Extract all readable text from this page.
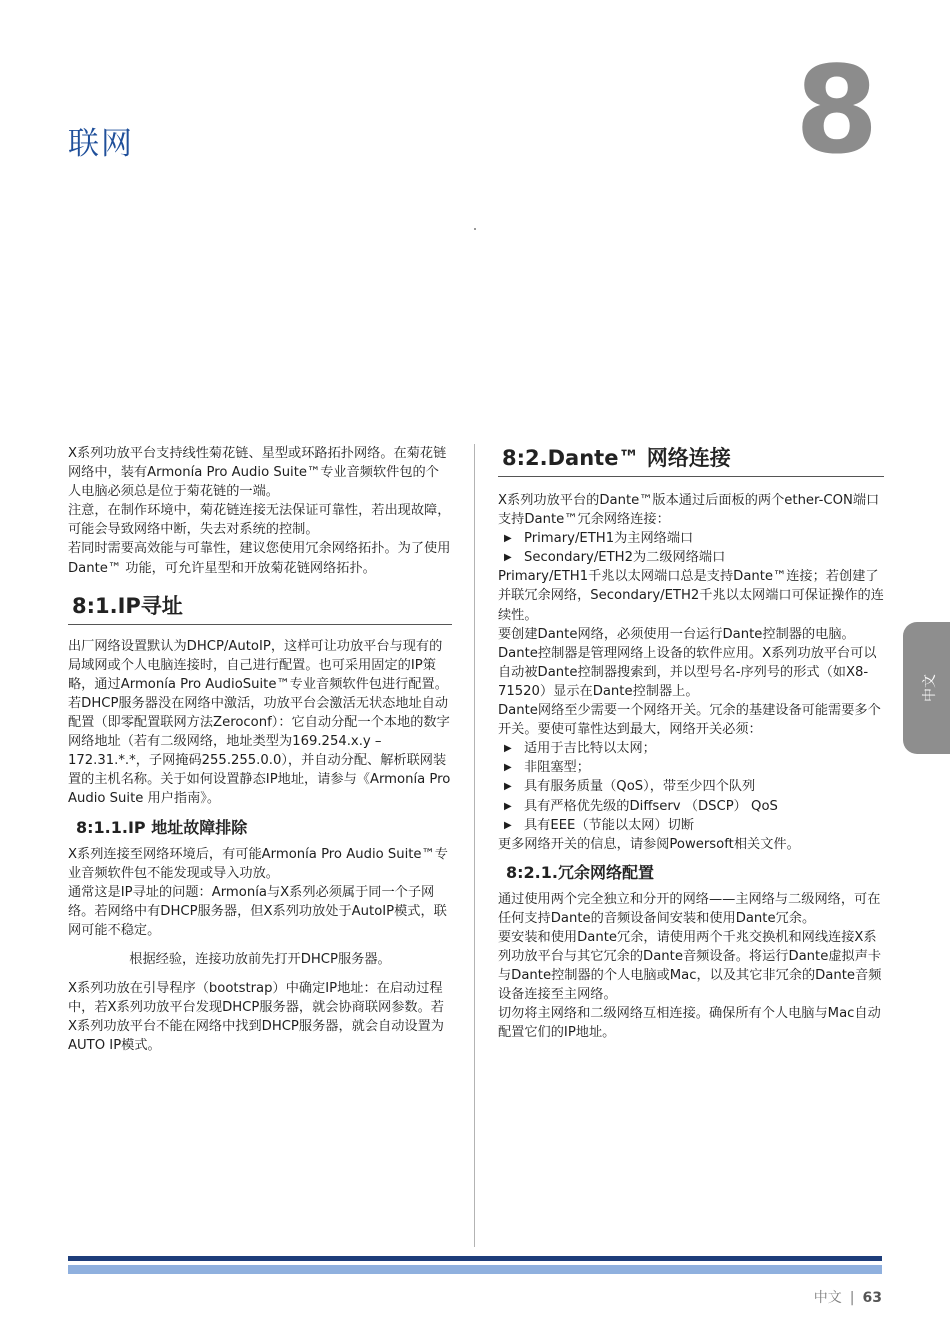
联网	8

X系列功放平台支持线性菊花链、星型或环路拓扑网络。在菊花链网络中，装有Armonía Pro Audio Suite™专业音频软件包的个人电脑必须总是位于菊花链的一端。

注意，在制作环境中，菊花链连接无法保证可靠性，若出现故障，可能会导致网络中断，失去对系统的控制。

若同时需要高效能与可靠性，建议您使用冗余网络拓扑。为了使用Dante™ 功能，可允许星型和开放菊花链网络拓扑。

8:1.IP寻址

出厂网络设置默认为DHCP/AutoIP，这样可让功放平台与现有的局域网或个人电脑连接时，自己进行配置。也可采用固定的IP策略，通过Armonía Pro AudioSuite™专业音频软件包进行配置。

若DHCP服务器没在网络中激活，功放平台会激活无状态地址自动配置（即零配置联网方法Zeroconf）：它自动分配一个本地的数字网络地址（若有二级网络，地址类型为169.254.x.y – 172.31.*.*，子网掩码255.255.0.0），并自动分配、解析联网装置的主机名称。关于如何设置静态IP地址，请参与《Armonía Pro Audio Suite 用户指南》。

8:1.1.IP 地址故障排除

X系列连接至网络环境后，有可能Armonía Pro Audio Suite™专业音频软件包不能发现或导入功放。

通常这是IP寻址的问题：Armonía与X系列必须属于同一个子网络。若网络中有DHCP服务器，但X系列功放处于AutoIP模式，联网可能不稳定。

根据经验，连接功放前先打开DHCP服务器。

X系列功放在引导程序（bootstrap）中确定IP地址：在启动过程中，若X系列功放平台发现DHCP服务器，就会协商联网参数。若X系列功放平台不能在网络中找到DHCP服务器，就会自动设置为AUTO IP模式。

8:2.Dante™ 网络连接

X系列功放平台的Dante™版本通过后面板的两个ether-CON端口支持Dante™冗余网络连接：

▶ Primary/ETH1为主网络端口
▶ Secondary/ETH2为二级网络端口

Primary/ETH1千兆以太网端口总是支持Dante™连接；若创建了并联冗余网络，Secondary/ETH2千兆以太网端口可保证操作的连续性。

要创建Dante网络，必须使用一台运行Dante控制器的电脑。Dante控制器是管理网络上设备的软件应用。X系列功放平台可以自动被Dante控制器搜索到，并以型号名-序列号的形式（如X8-71520）显示在Dante控制器上。

Dante网络至少需要一个网络开关。冗余的基建设备可能需要多个开关。要使可靠性达到最大，网络开关必须：

▶ 适用于吉比特以太网；
▶ 非阻塞型；
▶ 具有服务质量（QoS），带至少四个队列
▶ 具有严格优先级的Diffserv （DSCP） QoS
▶ 具有EEE（节能以太网）切断

更多网络开关的信息，请参阅Powersoft相关文件。

8:2.1.冗余网络配置

通过使用两个完全独立和分开的网络——主网络与二级网络，可在任何支持Dante的音频设备间安装和使用Dante冗余。

要安装和使用Dante冗余，请使用两个千兆交换机和网线连接X系列功放平台与其它冗余的Dante音频设备。将运行Dante虚拟声卡与Dante控制器的个人电脑或Mac，以及其它非冗余的Dante音频设备连接至主网络。

切勿将主网络和二级网络互相连接。确保所有个人电脑与Mac自动配置它们的IP地址。

中文
中文 | 63
